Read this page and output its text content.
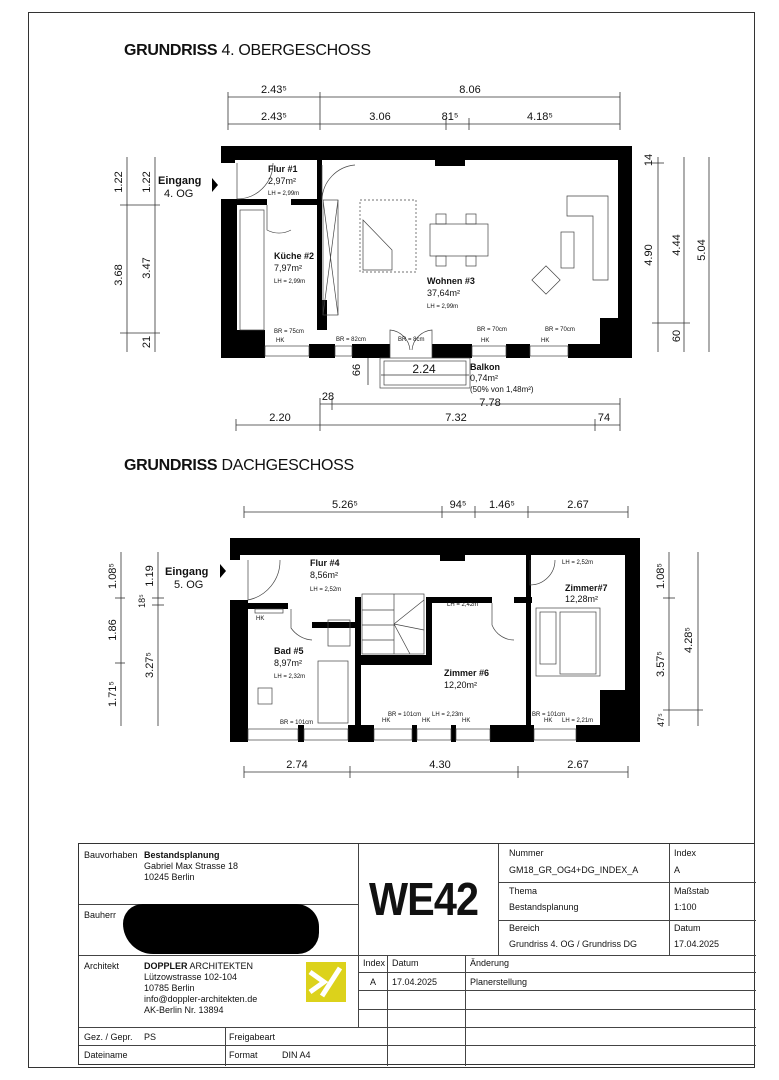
GRUNDRISS 4. OBERGESCHOSS
GRUNDRISS DACHGESCHOSS
2.43⁵	8.06
2.43⁵	3.06	81⁵	4.18⁵
1.22
3.68
1.22
3.47
21
14
4.90
60
4.44 5.04
28	7.78
2.20	7.32	74
2.24
66
Eingang
4. OG
Flur #1
2,97m²
LH = 2,99m
Küche #2
7,97m²
LH = 2,99m	Wohnen #3
37,64m²
LH = 2,99m
Balkon
0,74m²
(50% von 1,48m²)
BR = 75cm
BR = 82cm	BR = 8cm
BR = 70cm	BR = 70cm
HK	HK	HK
5.26⁵	94⁵ 1.46⁵	2.67
1.08⁵
1.86
1.71⁵
1.19
18⁵
3.27⁵
1.08⁵
3.57⁵
47⁵
4.28⁵
2.74	4.30	2.67
Eingang
5. OG
Flur #4
8,56m²
LH = 2,52m
Bad #5
8,97m²
LH = 2,32m	Zimmer #6
12,20m²
LH = 2,42m
Zimmer#7
12,28m²
LH = 2,52m
BR = 101cm
BR = 101cm LH = 2,23m	BR = 101cm
LH = 2,21m
HK
HK	HK	HK	HK
Bauvorhaben Bestandsplanung
Gabriel Max Strasse 18
10245 Berlin
Bauherr	WE42
Nummer
GM18_GR_OG4+DG_INDEX_A
Index
A
Thema
Bestandsplanung
Maßstab
1:100
Bereich
Grundriss 4. OG / Grundriss DG
Datum
17.04.2025
Architekt	DOPPLER ARCHITEKTEN
Lützowstrasse 102-104
10785 Berlin
info@doppler-architekten.de
AK-Berlin Nr. 13894
Index Datum	Änderung
A 17.04.2025	Planerstellung
Gez. / Gepr. PS	Freigabeart
Dateiname	Format	DIN A4
